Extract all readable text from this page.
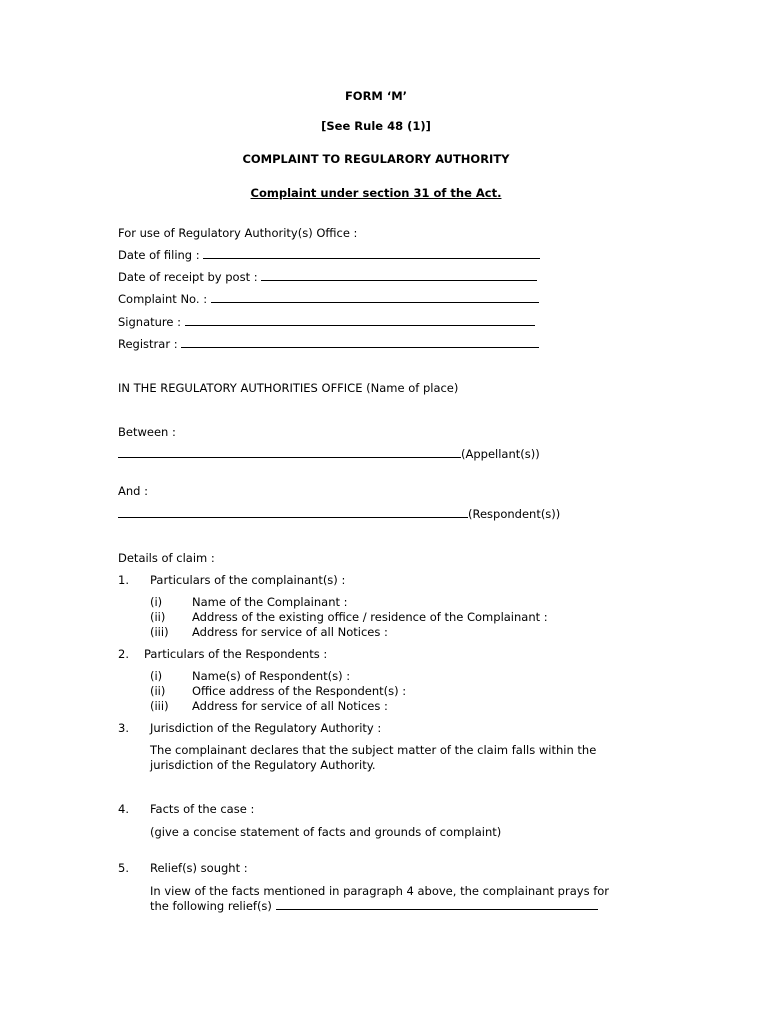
FORM ‘M’
[See Rule 48 (1)]
COMPLAINT TO REGULARORY AUTHORITY
Complaint under section 31 of the Act.
For use of Regulatory Authority(s) Office :
Date of filing :
Date of receipt by post :
Complaint No. :
Signature :
Registrar :
IN THE REGULATORY AUTHORITIES OFFICE (Name of place)
Between :
(Appellant(s))
And :
(Respondent(s))
Details of claim :
1. Particulars of the complainant(s) :
(i)	Name of the Complainant :
(ii) Address of the existing office / residence of the Complainant :
(iii) Address for service of all Notices :
2. Particulars of the Respondents :
(i)	Name(s) of Respondent(s) :
(ii) Office address of the Respondent(s) :
(iii) Address for service of all Notices :
3. Jurisdiction of the Regulatory Authority :
The complainant declares that the subject matter of the claim falls within the jurisdiction of the Regulatory Authority.
4. Facts of the case :
(give a concise statement of facts and grounds of complaint)
5. Relief(s) sought :
In view of the facts mentioned in paragraph 4 above, the complainant prays for
the following relief(s)
